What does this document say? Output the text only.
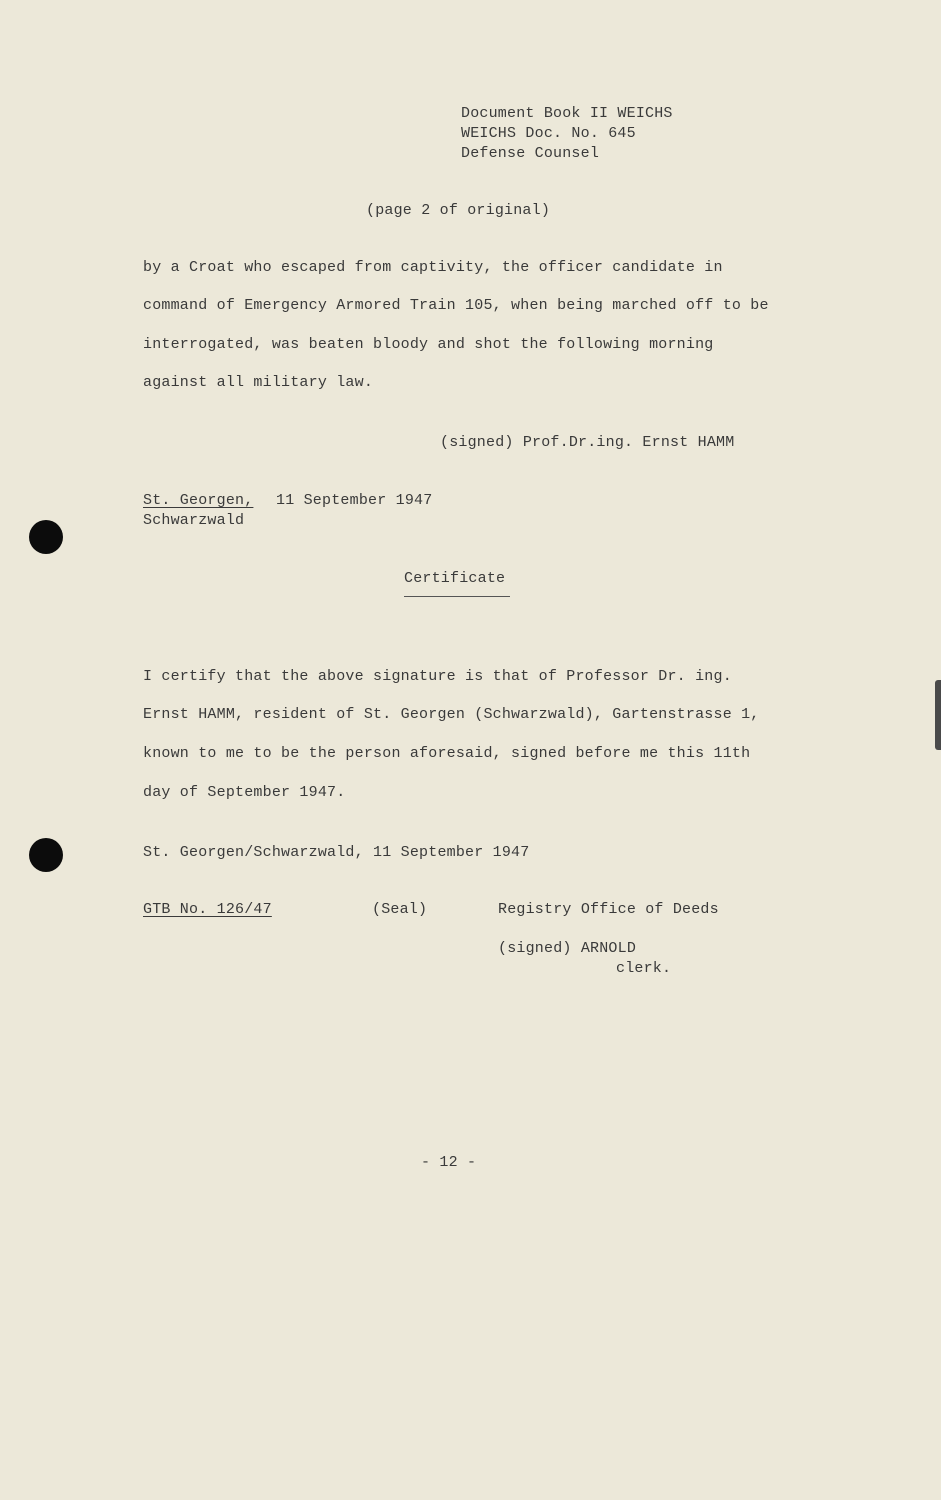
Document Book II WEICHS
WEICHS Doc. No. 645
Defense Counsel
(page 2 of original)
by a Croat who escaped from captivity, the officer candidate in
command of Emergency Armored Train 105, when being marched off to be
interrogated, was beaten bloody and shot the following morning
against all military law.
(signed) Prof.Dr.ing. Ernst HAMM
St. Georgen, 11 September 1947
Schwarzwald
Certificate
I certify that the above signature is that of Professor Dr. ing.
Ernst HAMM, resident of St. Georgen (Schwarzwald), Gartenstrasse 1,
known to me to be the person aforesaid, signed before me this 11th
day of September 1947.
St. Georgen/Schwarzwald, 11 September 1947
GTB No. 126/47	(Seal)	Registry Office of Deeds
(signed) ARNOLD
clerk.
- 12 -
